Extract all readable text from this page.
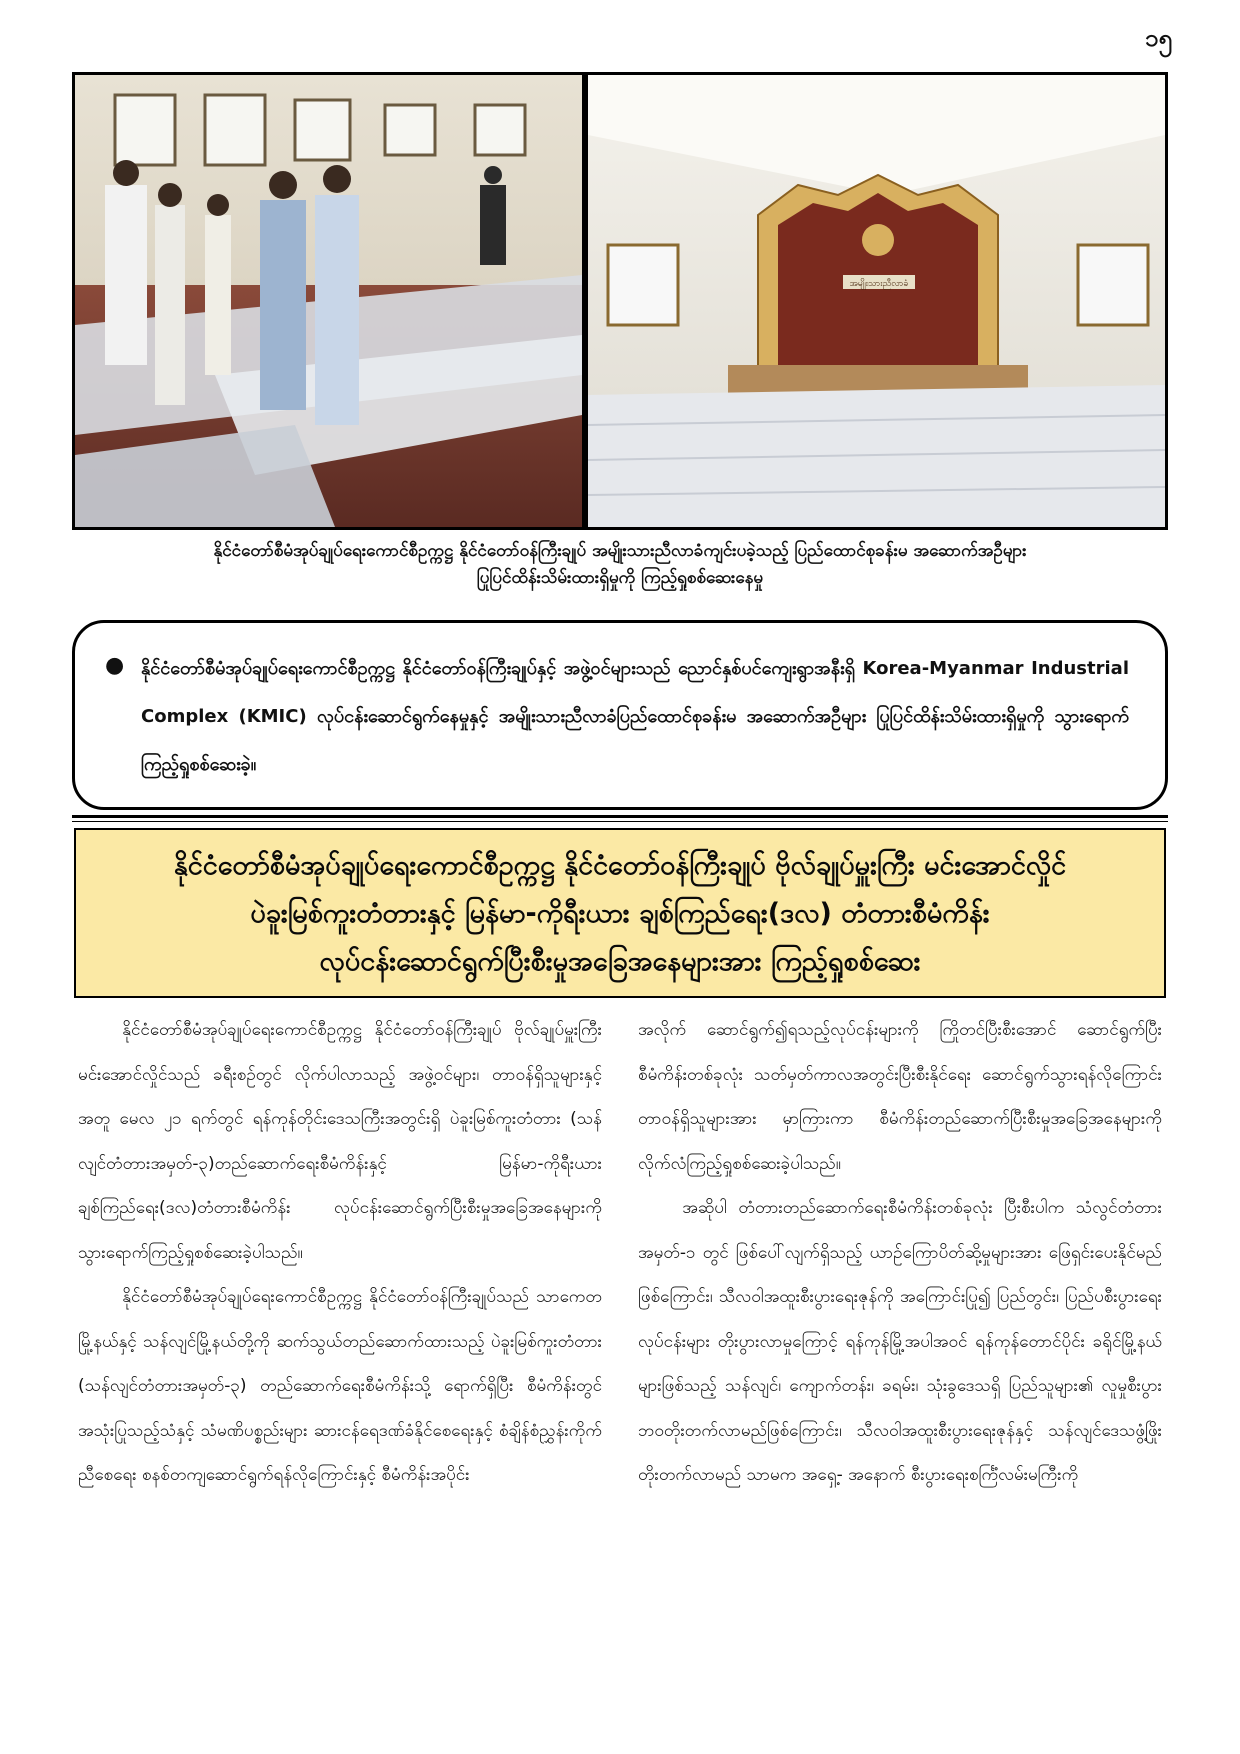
၁၅
အမျိုးသားညီလာခံ
နိုင်ငံတော်စီမံအုပ်ချုပ်ရေးကောင်စီဥက္ကဋ္ဌ နိုင်ငံတော်ဝန်ကြီးချုပ် အမျိုးသားညီလာခံကျင်းပခဲ့သည့် ပြည်ထောင်စုခန်းမ အဆောက်အဦများ
ပြုပြင်ထိန်းသိမ်းထားရှိမှုကို ကြည့်ရှုစစ်ဆေးနေမှု
● နိုင်ငံတော်စီမံအုပ်ချုပ်ရေးကောင်စီဥက္ကဋ္ဌ နိုင်ငံတော်ဝန်ကြီးချုပ်နှင့် အဖွဲ့ဝင်များသည် ညောင်နှစ်ပင်ကျေးရွာအနီးရှိ Korea-Myanmar Industrial Complex (KMIC) လုပ်ငန်းဆောင်ရွက်နေမှုနှင့် အမျိုးသားညီလာခံပြည်ထောင်စုခန်းမ အဆောက်အဦများ ပြုပြင်ထိန်းသိမ်းထားရှိမှုကို သွားရောက်ကြည့်ရှုစစ်ဆေးခဲ့။
နိုင်ငံတော်စီမံအုပ်ချုပ်ရေးကောင်စီဥက္ကဋ္ဌ နိုင်ငံတော်ဝန်ကြီးချုပ် ဗိုလ်ချုပ်မှူးကြီး မင်းအောင်လှိုင်
ပဲခူးမြစ်ကူးတံတားနှင့် မြန်မာ-ကိုရီးယား ချစ်ကြည်ရေး(ဒလ) တံတားစီမံကိန်း
လုပ်ငန်းဆောင်ရွက်ပြီးစီးမှုအခြေအနေများအား ကြည့်ရှုစစ်ဆေး

နိုင်ငံတော်စီမံအုပ်ချုပ်ရေးကောင်စီဥက္ကဋ္ဌ နိုင်ငံတော်ဝန်ကြီးချုပ် ဗိုလ်ချုပ်မှူးကြီး မင်းအောင်လှိုင်သည် ခရီးစဉ်တွင် လိုက်ပါလာသည့် အဖွဲ့ဝင်များ၊ တာဝန်ရှိသူများနှင့်အတူ မေလ ၂၁ ရက်တွင် ရန်ကုန်တိုင်းဒေသကြီးအတွင်းရှိ ပဲခူးမြစ်ကူးတံတား (သန်လျင်တံတားအမှတ်-၃)တည်ဆောက်ရေးစီမံကိန်းနှင့် မြန်မာ-ကိုရီးယား ချစ်ကြည်ရေး(ဒလ)တံတားစီမံကိန်း လုပ်ငန်းဆောင်ရွက်ပြီးစီးမှုအခြေအနေများကို သွားရောက်ကြည့်ရှုစစ်ဆေးခဲ့ပါသည်။

နိုင်ငံတော်စီမံအုပ်ချုပ်ရေးကောင်စီဥက္ကဋ္ဌ နိုင်ငံတော်ဝန်ကြီးချုပ်သည် သာကေတမြို့နယ်နှင့် သန်လျင်မြို့နယ်တို့ကို ဆက်သွယ်တည်ဆောက်ထားသည့် ပဲခူးမြစ်ကူးတံတား (သန်လျင်တံတားအမှတ်-၃) တည်ဆောက်ရေးစီမံကိန်းသို့ ရောက်ရှိပြီး စီမံကိန်းတွင် အသုံးပြုသည့်သံနှင့် သံမဏိပစ္စည်းများ ဆားငန်ရေဒဏ်ခံနိုင်စေရေးနှင့် စံချိန်စံညွှန်းကိုက်ညီစေရေး စနစ်တကျဆောင်ရွက်ရန်လိုကြောင်းနှင့် စီမံကိန်းအပိုင်း

အလိုက် ဆောင်ရွက်၍ရသည့်လုပ်ငန်းများကို ကြိုတင်ပြီးစီးအောင် ဆောင်ရွက်ပြီး စီမံကိန်းတစ်ခုလုံး သတ်မှတ်ကာလအတွင်းပြီးစီးနိုင်ရေး ဆောင်ရွက်သွားရန်လိုကြောင်း တာဝန်ရှိသူများအား မှာကြားကာ စီမံကိန်းတည်ဆောက်ပြီးစီးမှုအခြေအနေများကို လိုက်လံကြည့်ရှုစစ်ဆေးခဲ့ပါသည်။

အဆိုပါ တံတားတည်ဆောက်ရေးစီမံကိန်းတစ်ခုလုံး ပြီးစီးပါက သံလွင်တံတား အမှတ်-၁ တွင် ဖြစ်ပေါ်လျက်ရှိသည့် ယာဉ်ကြောပိတ်ဆို့မှုများအား ဖြေရှင်းပေးနိုင်မည်ဖြစ်ကြောင်း၊ သီလဝါအထူးစီးပွားရေးဇုန်ကို အကြောင်းပြု၍ ပြည်တွင်း၊ ပြည်ပစီးပွားရေးလုပ်ငန်းများ တိုးပွားလာမှုကြောင့် ရန်ကုန်မြို့အပါအဝင် ရန်ကုန်တောင်ပိုင်း ခရိုင်မြို့နယ်များဖြစ်သည့် သန်လျင်၊ ကျောက်တန်း၊ ခရမ်း၊ သုံးခွဒေသရှိ ပြည်သူများ၏ လူမှုစီးပွားဘဝတိုးတက်လာမည်ဖြစ်ကြောင်း၊ သီလဝါအထူးစီးပွားရေးဇုန်နှင့် သန်လျင်ဒေသဖွံ့ဖြိုးတိုးတက်လာမည် သာမက အရှေ့- အနောက် စီးပွားရေးစင်္ကြံလမ်းမကြီးကို
